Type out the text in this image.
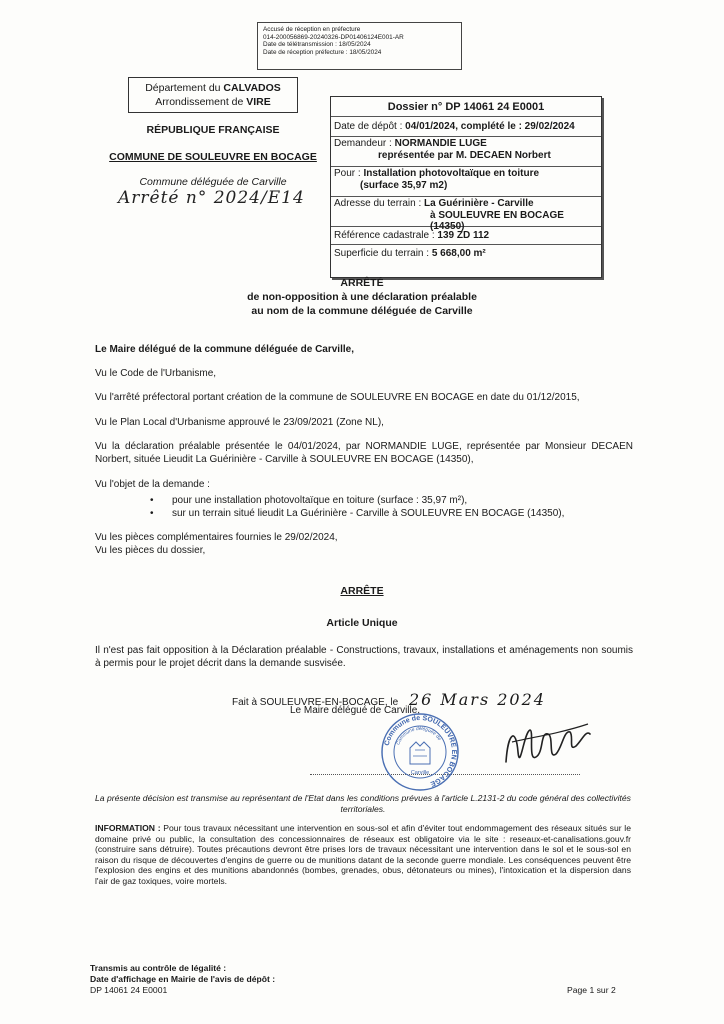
Accusé de réception en préfecture
014-200056869-20240326-DP01406124E001-AR
Date de télétransmission : 18/05/2024
Date de réception préfecture : 18/05/2024
Département du CALVADOS
Arrondissement de VIRE
RÉPUBLIQUE FRANÇAISE
COMMUNE DE SOULEUVRE EN BOCAGE
Commune déléguée de Carville
Arrêté n° 2024/E14
Dossier n° DP 14061 24 E0001
Date de dépôt : 04/01/2024, complété le : 29/02/2024
Demandeur : NORMANDIE LUGE
représentée par M. DECAEN Norbert
Pour : Installation photovoltaïque en toiture
(surface 35,97 m2)
Adresse du terrain : La Guérinière - Carville
à SOULEUVRE EN BOCAGE (14350)
Référence cadastrale : 139 ZD 112
Superficie du terrain : 5 668,00 m²
ARRÊTÉ
de non-opposition à une déclaration préalable
au nom de la commune déléguée de Carville
Le Maire délégué de la commune déléguée de Carville,
Vu le Code de l'Urbanisme,
Vu l'arrêté préfectoral portant création de la commune de SOULEUVRE EN BOCAGE en date du 01/12/2015,
Vu le Plan Local d'Urbanisme approuvé le 23/09/2021 (Zone NL),
Vu la déclaration préalable présentée le 04/01/2024, par NORMANDIE LUGE, représentée par Monsieur DECAEN Norbert, située Lieudit La Guérinière - Carville à SOULEUVRE EN BOCAGE (14350),
Vu l'objet de la demande :
• pour une installation photovoltaïque en toiture (surface : 35,97 m²),
• sur un terrain situé lieudit La Guérinière - Carville à SOULEUVRE EN BOCAGE (14350),
Vu les pièces complémentaires fournies le 29/02/2024,
Vu les pièces du dossier,
ARRÊTE
Article Unique
Il n'est pas fait opposition à la Déclaration préalable - Constructions, travaux, installations et aménagements non soumis à permis pour le projet décrit dans la demande susvisée.
Fait à SOULEUVRE-EN-BOCAGE, le 26 Mars 2024
Le Maire délégué de Carville,
Commune de SOULEUVRE EN BOCAGE
Commune déléguée de
Carville
La présente décision est transmise au représentant de l'Etat dans les conditions prévues à l'article L.2131-2 du code général des collectivités territoriales.
INFORMATION : Pour tous travaux nécessitant une intervention en sous-sol et afin d'éviter tout endommagement des réseaux situés sur le domaine privé ou public, la consultation des concessionnaires de réseaux est obligatoire via le site : reseaux-et-canalisations.gouv.fr (construire sans détruire). Toutes précautions devront être prises lors de travaux nécessitant une intervention dans le sol et le sous-sol en raison du risque de découvertes d'engins de guerre ou de munitions datant de la seconde guerre mondiale. Les conséquences peuvent être l'explosion des engins et des munitions abandonnés (bombes, grenades, obus, détonateurs ou mines), l'intoxication et la dispersion dans l'air de gaz toxiques, voire mortels.
Transmis au contrôle de légalité :
Date d'affichage en Mairie de l'avis de dépôt :
DP 14061 24 E0001	Page 1 sur 2
